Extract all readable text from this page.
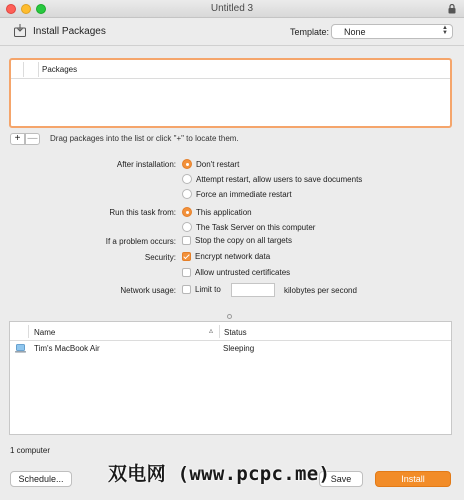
Untitled 3
Install Packages	Template:	None	▲
▼
Packages
+ —	Drag packages into the list or click "+" to locate them.
After installation:	Don't restart
Attempt restart, allow users to save documents
Force an immediate restart
Run this task from:	This application
The Task Server on this computer
If a problem occurs: Stop the copy on all targets
Security: Encrypt network data
Allow untrusted certificates
Network usage: Limit to	kilobytes per second
Name	▵ Status
Tim's MacBook Air	Sleeping
1 computer
Schedule...	Save	Install
双电网 (www.pcpc.me)
